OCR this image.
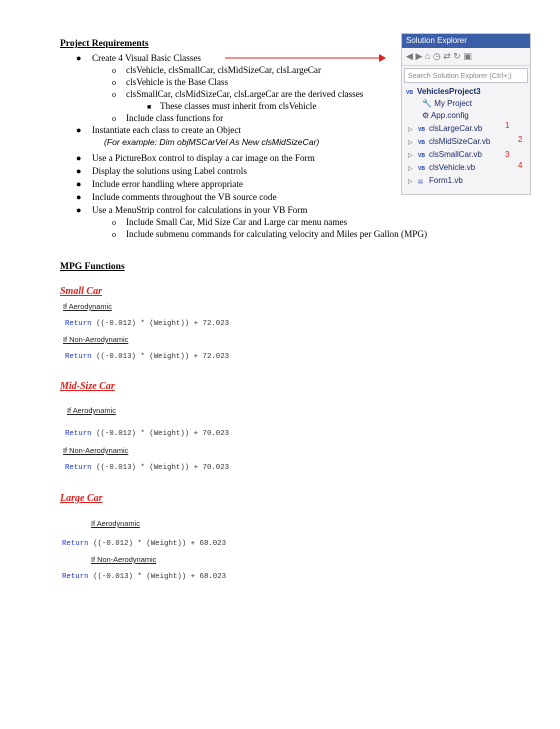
Project Requirements
● Create 4 Visual Basic Classes
o clsVehicle, clsSmallCar, clsMidSizeCar, clsLargeCar
o clsVehicle is the Base Class
o clsSmallCar, clsMidSizeCar, clsLargeCar are the derived classes
■ These classes must inherit from clsVehicle
o Include class functions for
● Instantiate each class to create an Object
(For example: Dim objMSCarVel As New clsMidSizeCar)
● Use a PictureBox control to display a car image on the Form
● Display the solutions using Label controls
● Include error handling where appropriate
● Include comments throughout the VB source code
● Use a MenuStrip control for calculations in your VB Form
o Include Small Car, Mid Size Car and Large car menu names
o Include submenu commands for calculating velocity and Miles per Gallon (MPG)
Solution Explorer
◀ ▶ ⌂ ◷ ⇄ ↻ ▣
Search Solution Explorer (Ctrl+;)
VB VehiclesProject3
🔧 My Project
⚙ App.config
▷ VB clsLargeCar.vb
▷ VB clsMidSizeCar.vb
▷ VB clsSmallCar.vb
▷ VB clsVehicle.vb
▷ ▤ Form1.vb
1
2
3
4
MPG Functions
Small Car
If Aerodynamic
Return ((-0.012) * (Weight)) + 72.023
If Non-Aerodynamic
Return ((-0.013) * (Weight)) + 72.023
Mid-Size Car
If Aerodynamic
Return ((-0.012) * (Weight)) + 70.023
If Non-Aerodynamic
Return ((-0.013) * (Weight)) + 70.023
Large Car
If Aerodynamic
Return ((-0.012) * (Weight)) + 68.023
If Non-Aerodynamic
Return ((-0.013) * (Weight)) + 68.023
